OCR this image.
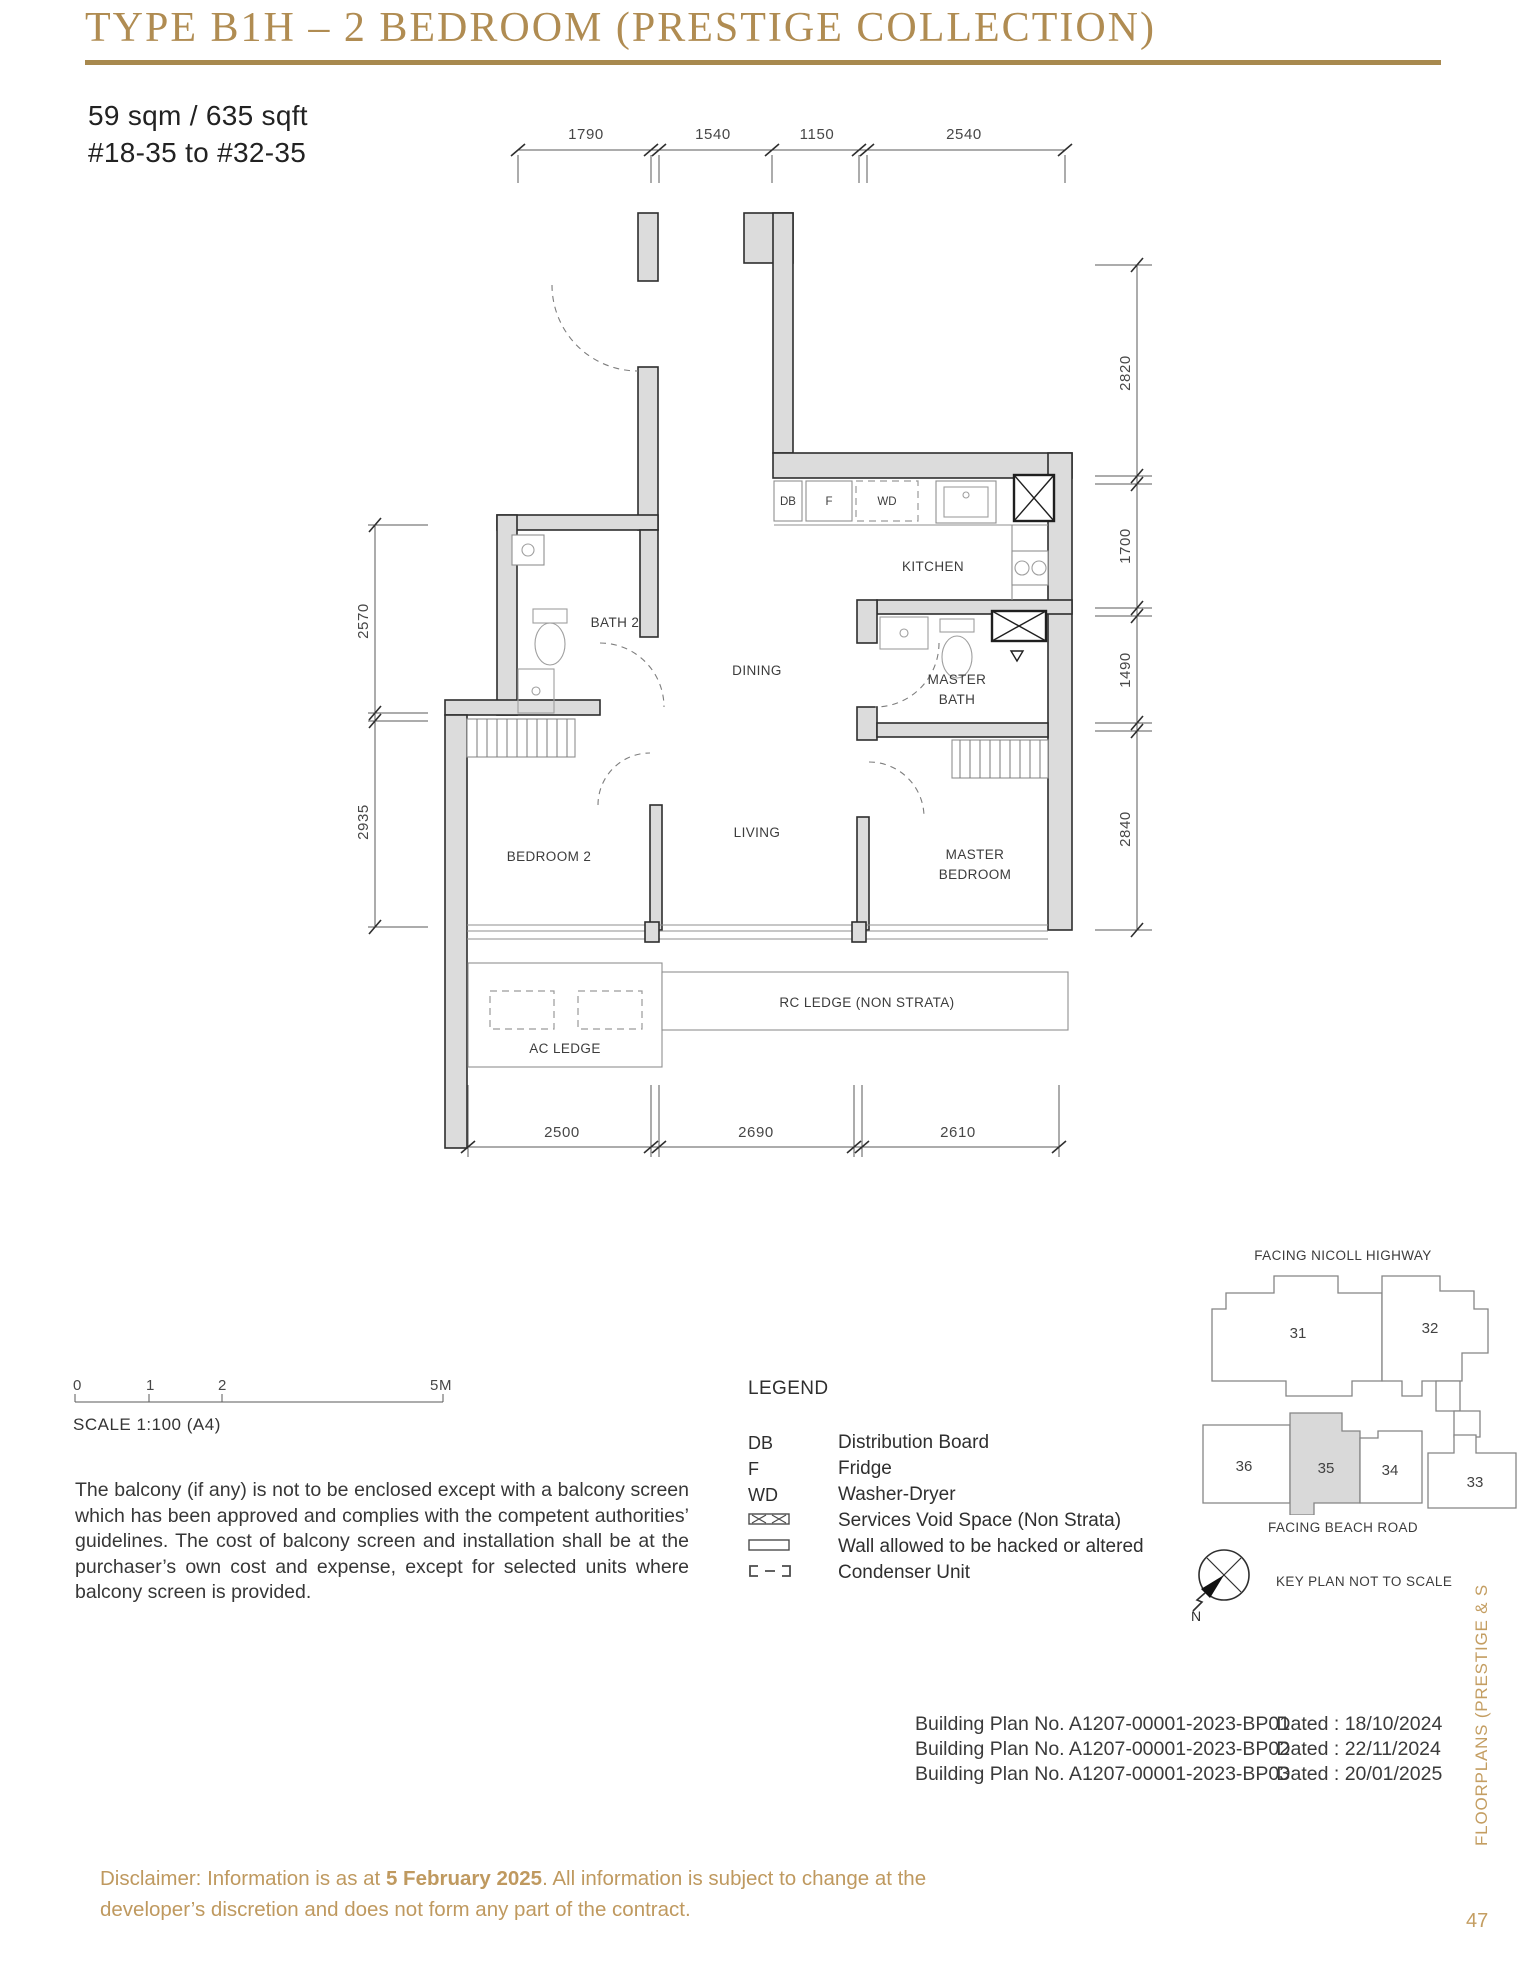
TYPE B1H – 2 BEDROOM (PRESTIGE COLLECTION)
59 sqm / 635 sqft
#18-35 to #32-35
DB	F	WD
AC LEDGE
RC LEDGE (NON STRATA)
KITCHEN
DINING
LIVING
BATH 2
MASTER
BATH
BEDROOM 2	MASTER
BEDROOM
1790	1540	1150	2540
2820
1700
1490
2840
2570
2935
2500	2690	2610
0	1	2	5M
SCALE 1:100 (A4)
The balcony (if any) is not to be enclosed except with a balcony screen which has been approved and complies with the competent authorities’ guidelines. The cost of balcony screen and installation shall be at the purchaser’s own cost and expense, except for selected units where balcony screen is provided.
LEGEND
DB	Distribution Board
F	Fridge
WD	Washer-Dryer
Services Void Space (Non Strata)
Wall allowed to be hacked or altered
Condenser Unit
FACING NICOLL HIGHWAY
31	32
36	35	34
33
FACING BEACH ROAD
N
KEY PLAN NOT TO SCALE
Building Plan No. A1207-00001-2023-BP01 Dated : 18/10/2024
Building Plan No. A1207-00001-2023-BP02 Dated : 22/11/2024
Building Plan No. A1207-00001-2023-BP03 Dated : 20/01/2025
Disclaimer: Information is as at 5 February 2025. All information is subject to change at the developer’s discretion and does not form any part of the contract.
FLOORPLANS (PRESTIGE & S
47
